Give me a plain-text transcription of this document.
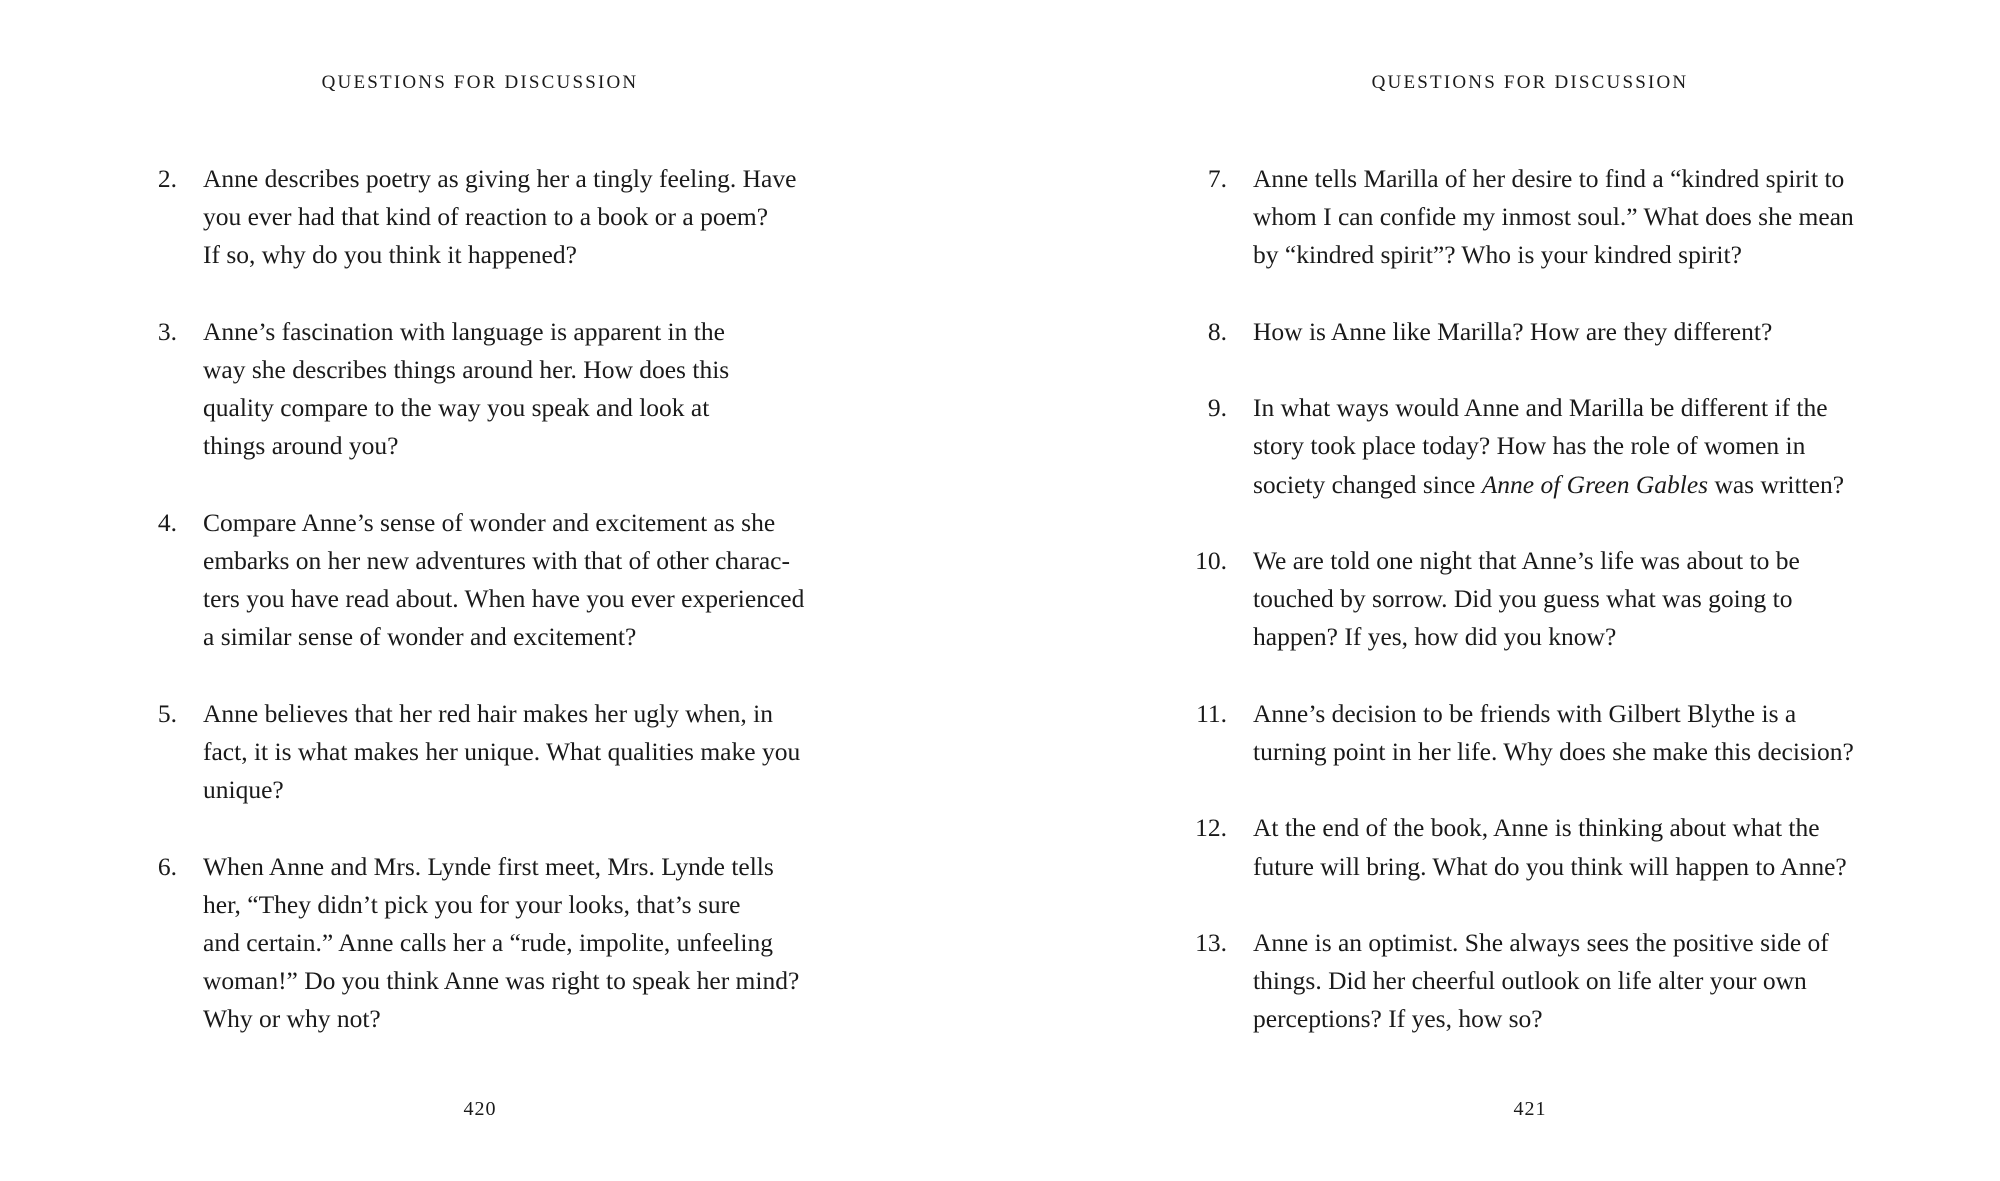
QUESTIONS FOR DISCUSSION
2. Anne describes poetry as giving her a tingly feeling. Have
you ever had that kind of reaction to a book or a poem?
If so, why do you think it happened?
3. Anne’s fascination with language is apparent in the
way she describes things around her. How does this
quality compare to the way you speak and look at
things around you?
4. Compare Anne’s sense of wonder and excitement as she
embarks on her new adventures with that of other charac-
ters you have read about. When have you ever experienced
a similar sense of wonder and excitement?
5. Anne believes that her red hair makes her ugly when, in
fact, it is what makes her unique. What qualities make you
unique?
6. When Anne and Mrs. Lynde first meet, Mrs. Lynde tells
her, “They didn’t pick you for your looks, that’s sure
and certain.” Anne calls her a “rude, impolite, unfeeling
woman!” Do you think Anne was right to speak her mind?
Why or why not?
420
QUESTIONS FOR DISCUSSION
7. Anne tells Marilla of her desire to find a “kindred spirit to
whom I can confide my inmost soul.” What does she mean
by “kindred spirit”? Who is your kindred spirit?
8. How is Anne like Marilla? How are they different?
9. In what ways would Anne and Marilla be different if the
story took place today? How has the role of women in
society changed since Anne of Green Gables was written?
10. We are told one night that Anne’s life was about to be
touched by sorrow. Did you guess what was going to
happen? If yes, how did you know?
11. Anne’s decision to be friends with Gilbert Blythe is a
turning point in her life. Why does she make this decision?
12. At the end of the book, Anne is thinking about what the
future will bring. What do you think will happen to Anne?
13. Anne is an optimist. She always sees the positive side of
things. Did her cheerful outlook on life alter your own
perceptions? If yes, how so?
421
